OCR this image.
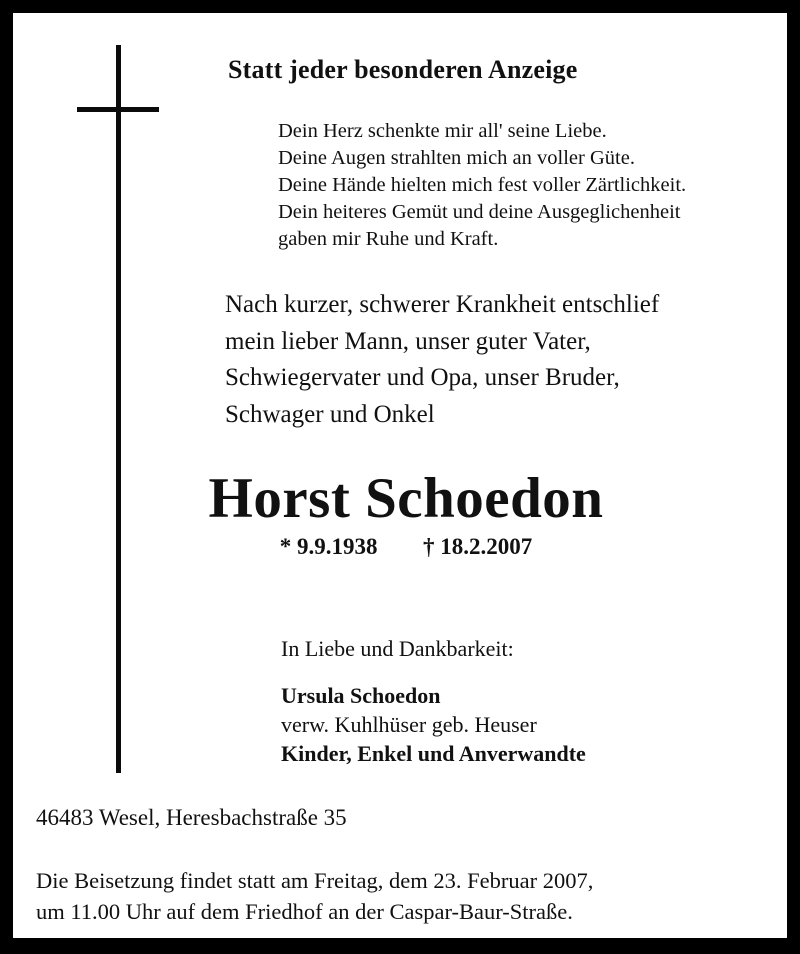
Statt jeder besonderen Anzeige
Dein Herz schenkte mir all' seine Liebe.
Deine Augen strahlten mich an voller Güte.
Deine Hände hielten mich fest voller Zärtlichkeit.
Dein heiteres Gemüt und deine Ausgeglichenheit
gaben mir Ruhe und Kraft.
Nach kurzer, schwerer Krankheit entschlief
mein lieber Mann, unser guter Vater,
Schwiegervater und Opa, unser Bruder,
Schwager und Onkel
Horst Schoedon
* 9.9.1938 † 18.2.2007
In Liebe und Dankbarkeit:
Ursula Schoedon
verw. Kuhlhüser geb. Heuser
Kinder, Enkel und Anverwandte
46483 Wesel, Heresbachstraße 35
Die Beisetzung findet statt am Freitag, dem 23. Februar 2007,
um 11.00 Uhr auf dem Friedhof an der Caspar-Baur-Straße.
